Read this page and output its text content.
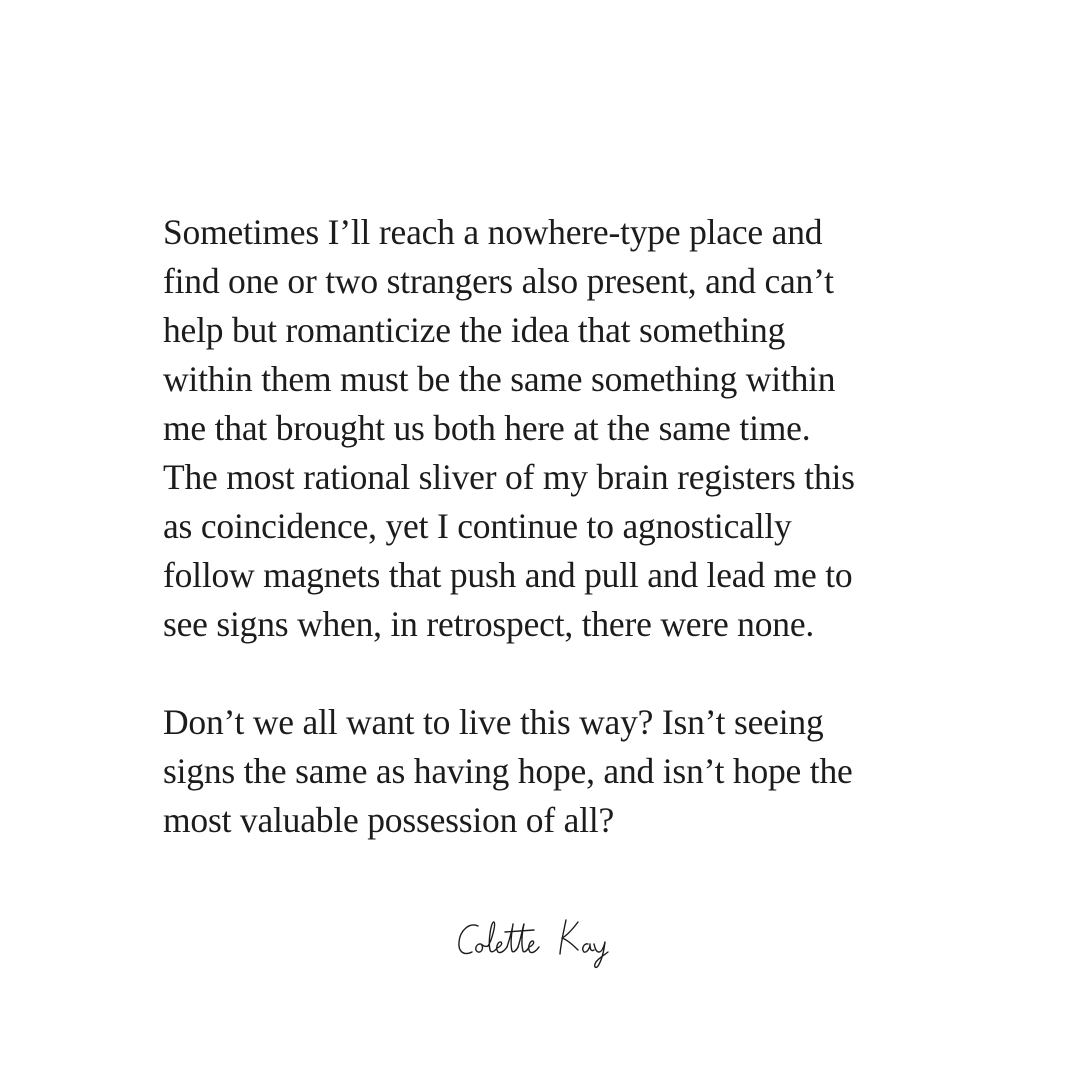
Sometimes I’ll reach a nowhere-type place and
find one or two strangers also present, and can’t
help but romanticize the idea that something
within them must be the same something within
me that brought us both here at the same time.
The most rational sliver of my brain registers this
as coincidence, yet I continue to agnostically
follow magnets that push and pull and lead me to
see signs when, in retrospect, there were none.

Don’t we all want to live this way? Isn’t seeing
signs the same as having hope, and isn’t hope the
most valuable possession of all?
